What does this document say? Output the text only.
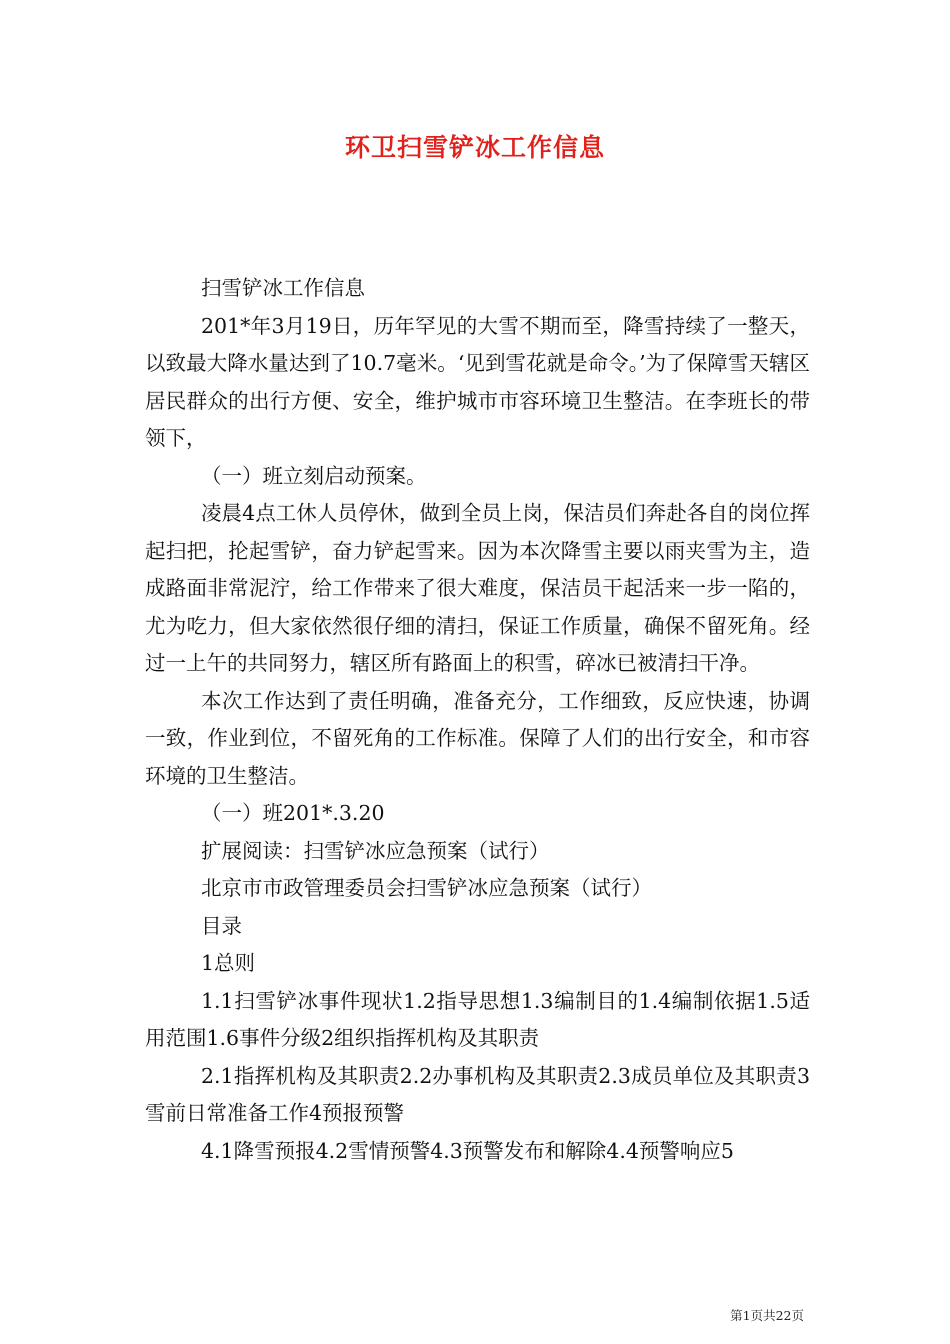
环卫扫雪铲冰工作信息

扫雪铲冰工作信息

201*年3月19日，历年罕见的大雪不期而至，降雪持续了一整天，以致最大降水量达到了10.7毫米。‘见到雪花就是命令。’为了保障雪天辖区居民群众的出行方便、安全，维护城市市容环境卫生整洁。在李班长的带领下，

（一）班立刻启动预案。

凌晨4点工休人员停休，做到全员上岗，保洁员们奔赴各自的岗位挥起扫把，抡起雪铲，奋力铲起雪来。因为本次降雪主要以雨夹雪为主，造成路面非常泥泞，给工作带来了很大难度，保洁员干起活来一步一陷的，尤为吃力，但大家依然很仔细的清扫，保证工作质量，确保不留死角。经过一上午的共同努力，辖区所有路面上的积雪，碎冰已被清扫干净。

本次工作达到了责任明确，准备充分，工作细致，反应快速，协调一致，作业到位，不留死角的工作标准。保障了人们的出行安全，和市容环境的卫生整洁。

（一）班201*.3.20

扩展阅读：扫雪铲冰应急预案（试行）

北京市市政管理委员会扫雪铲冰应急预案（试行）

目录

1总则

1.1扫雪铲冰事件现状1.2指导思想1.3编制目的1.4编制依据1.5适用范围1.6事件分级2组织指挥机构及其职责

2.1指挥机构及其职责2.2办事机构及其职责2.3成员单位及其职责3雪前日常准备工作4预报预警

4.1降雪预报4.2雪情预警4.3预警发布和解除4.4预警响应5

第1页共22页
